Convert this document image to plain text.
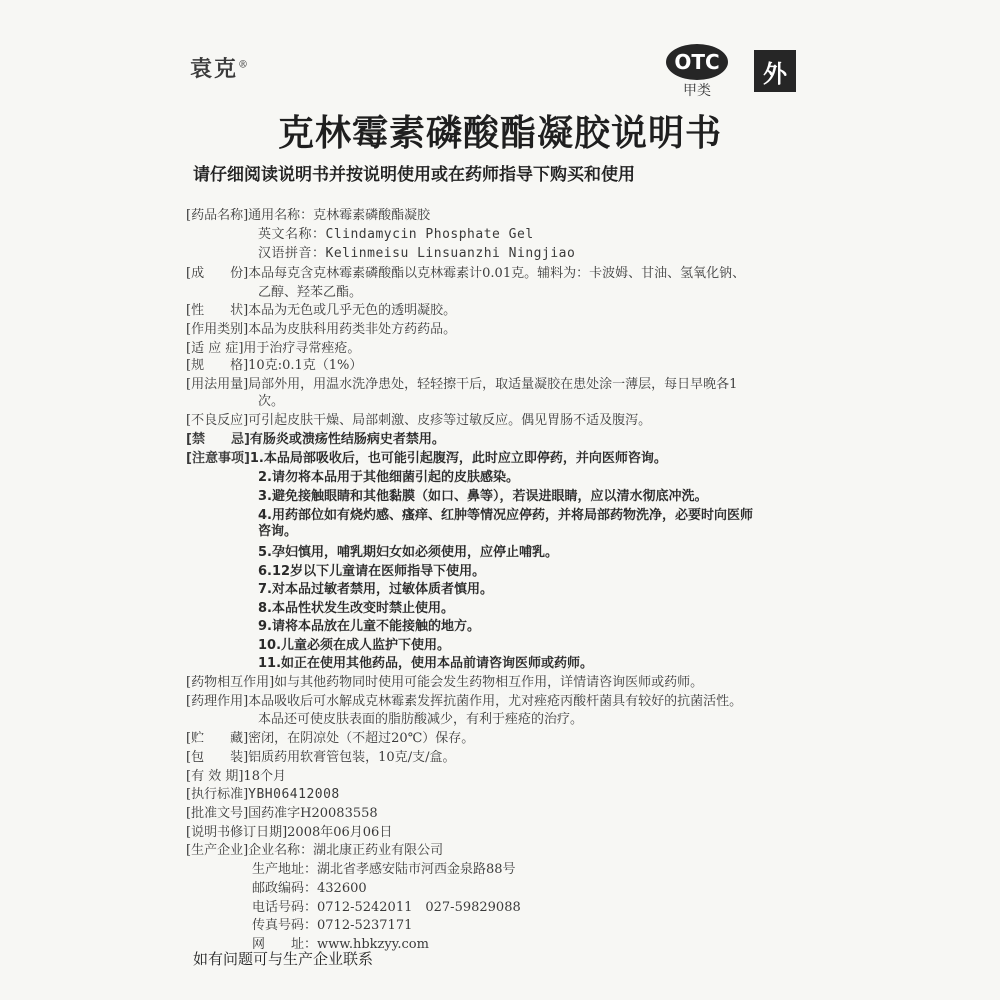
袁克®	OTC
甲类
外
克林霉素磷酸酯凝胶说明书
请仔细阅读说明书并按说明使用或在药师指导下购买和使用
[药品名称]通用名称：克林霉素磷酸酯凝胶
英文名称：Clindamycin Phosphate Gel
汉语拼音：Kelinmeisu Linsuanzhi Ningjiao
[成　　份]本品每克含克林霉素磷酸酯以克林霉素计0.01克。辅料为：卡波姆、甘油、氢氧化钠、
乙醇、羟苯乙酯。
[性　　状]本品为无色或几乎无色的透明凝胶。
[作用类别]本品为皮肤科用药类非处方药药品。
[适 应 症]用于治疗寻常痤疮。
[规　　格]10克:0.1克（1%）
[用法用量]局部外用，用温水洗净患处，轻轻擦干后，取适量凝胶在患处涂一薄层，每日早晚各1
次。
[不良反应]可引起皮肤干燥、局部刺激、皮疹等过敏反应。偶见胃肠不适及腹泻。
[禁　　忌]有肠炎或溃疡性结肠病史者禁用。
[注意事项]1.本品局部吸收后，也可能引起腹泻，此时应立即停药，并向医师咨询。
2.请勿将本品用于其他细菌引起的皮肤感染。
3.避免接触眼睛和其他黏膜（如口、鼻等），若误进眼睛，应以清水彻底冲洗。
4.用药部位如有烧灼感、瘙痒、红肿等情况应停药，并将局部药物洗净，必要时向医师
咨询。
5.孕妇慎用，哺乳期妇女如必须使用，应停止哺乳。
6.12岁以下儿童请在医师指导下使用。
7.对本品过敏者禁用，过敏体质者慎用。
8.本品性状发生改变时禁止使用。
9.请将本品放在儿童不能接触的地方。
10.儿童必须在成人监护下使用。
11.如正在使用其他药品，使用本品前请咨询医师或药师。
[药物相互作用]如与其他药物同时使用可能会发生药物相互作用，详情请咨询医师或药师。
[药理作用]本品吸收后可水解成克林霉素发挥抗菌作用，尤对痤疮丙酸杆菌具有较好的抗菌活性。
本品还可使皮肤表面的脂肪酸减少，有利于痤疮的治疗。
[贮　　藏]密闭，在阴凉处（不超过20℃）保存。
[包　　装]铝质药用软膏管包装，10克/支/盒。
[有 效 期]18个月
[执行标准]YBH06412008
[批准文号]国药准字H20083558
[说明书修订日期]2008年06月06日
[生产企业]企业名称：湖北康正药业有限公司
生产地址：湖北省孝感安陆市河西金泉路88号
邮政编码：432600
电话号码：0712-5242011　027-59829088
传真号码：0712-5237171
网　　址：www.hbkzyy.com
如有问题可与生产企业联系
